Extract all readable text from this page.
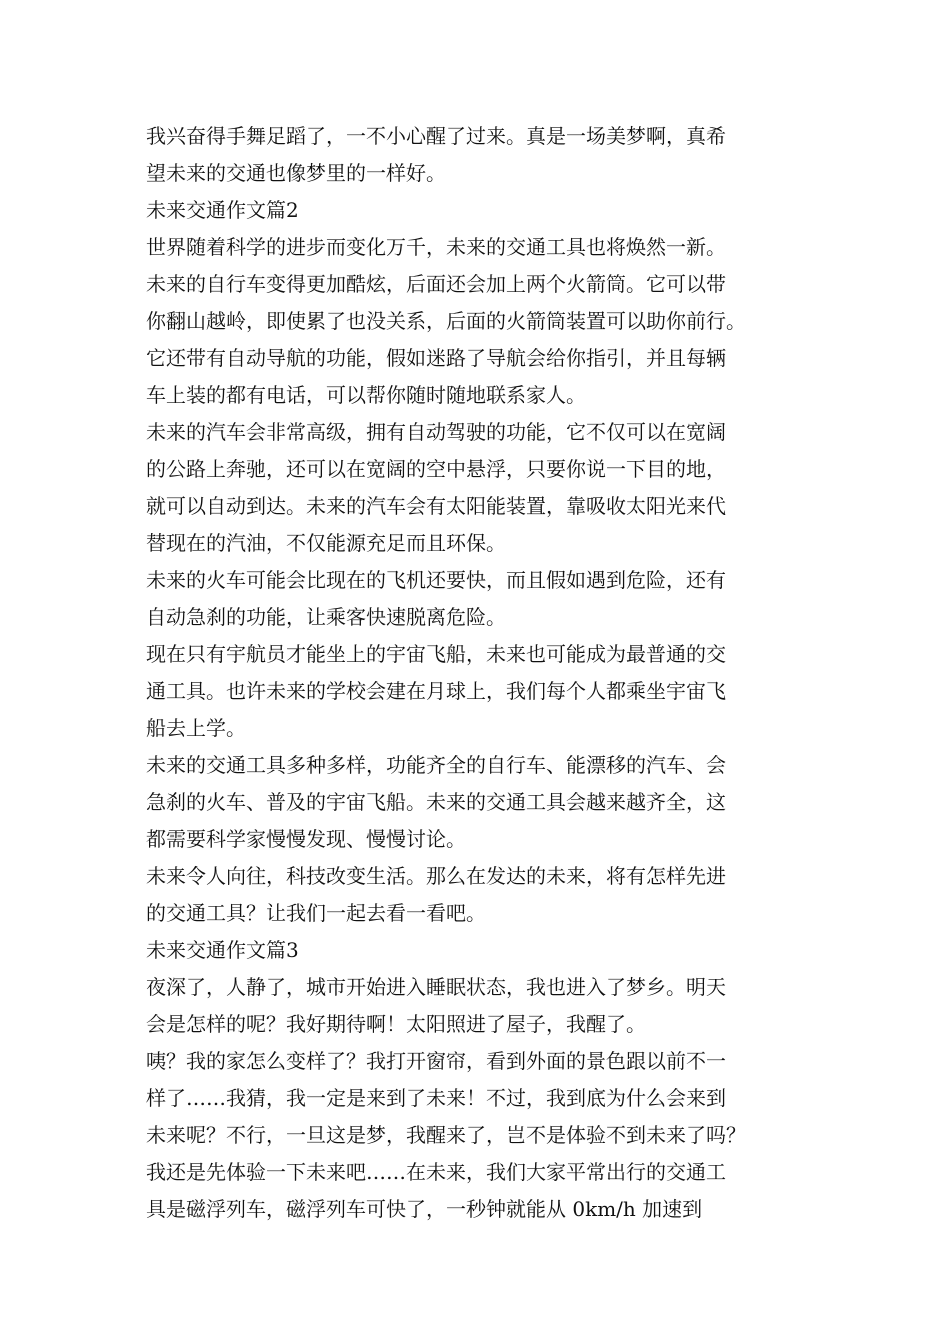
我兴奋得手舞足蹈了，一不小心醒了过来。真是一场美梦啊，真希
望未来的交通也像梦里的一样好。
未来交通作文篇2
世界随着科学的进步而变化万千，未来的交通工具也将焕然一新。
未来的自行车变得更加酷炫，后面还会加上两个火箭筒。它可以带
你翻山越岭，即使累了也没关系，后面的火箭筒装置可以助你前行。
它还带有自动导航的功能，假如迷路了导航会给你指引，并且每辆
车上装的都有电话，可以帮你随时随地联系家人。
未来的汽车会非常高级，拥有自动驾驶的功能，它不仅可以在宽阔
的公路上奔驰，还可以在宽阔的空中悬浮，只要你说一下目的地，
就可以自动到达。未来的汽车会有太阳能装置，靠吸收太阳光来代
替现在的汽油，不仅能源充足而且环保。
未来的火车可能会比现在的飞机还要快，而且假如遇到危险，还有
自动急刹的功能，让乘客快速脱离危险。
现在只有宇航员才能坐上的宇宙飞船，未来也可能成为最普通的交
通工具。也许未来的学校会建在月球上，我们每个人都乘坐宇宙飞
船去上学。
未来的交通工具多种多样，功能齐全的自行车、能漂移的汽车、会
急刹的火车、普及的宇宙飞船。未来的交通工具会越来越齐全，这
都需要科学家慢慢发现、慢慢讨论。
未来令人向往，科技改变生活。那么在发达的未来，将有怎样先进
的交通工具？让我们一起去看一看吧。
未来交通作文篇3
夜深了，人静了，城市开始进入睡眠状态，我也进入了梦乡。明天
会是怎样的呢？我好期待啊！太阳照进了屋子，我醒了。
咦？我的家怎么变样了？我打开窗帘，看到外面的景色跟以前不一
样了……我猜，我一定是来到了未来！不过，我到底为什么会来到
未来呢？不行，一旦这是梦，我醒来了，岂不是体验不到未来了吗？
我还是先体验一下未来吧……在未来，我们大家平常出行的交通工
具是磁浮列车，磁浮列车可快了，一秒钟就能从 0km/h 加速到
